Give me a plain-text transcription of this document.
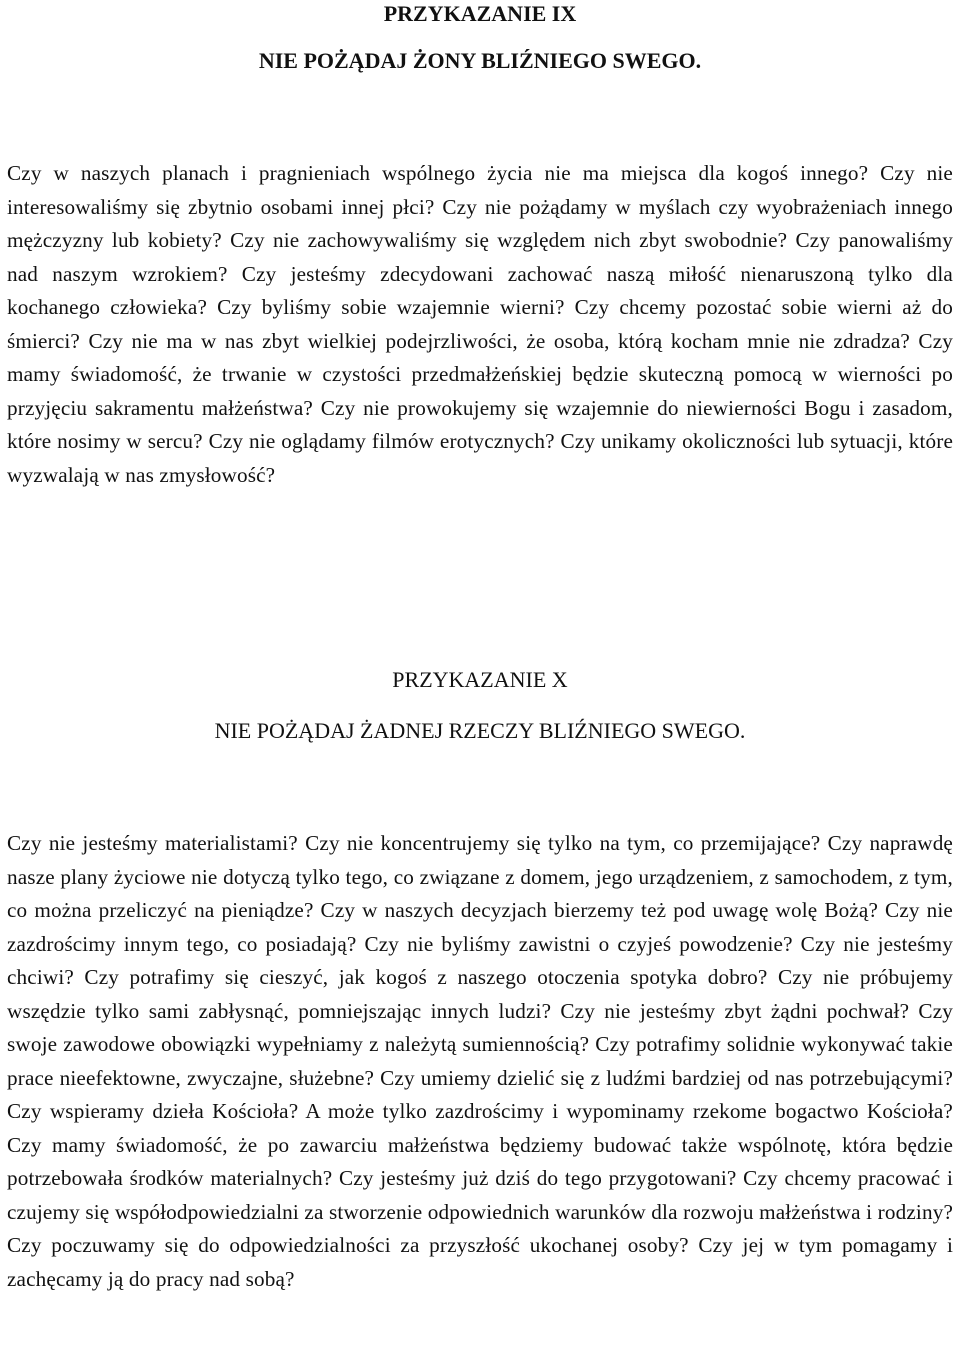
PRZYKAZANIE IX
NIE POŻĄDAJ ŻONY BLIŹNIEGO SWEGO.

Czy w naszych planach i pragnieniach wspólnego życia nie ma miejsca dla kogoś innego? Czy nie interesowaliśmy się zbytnio osobami innej płci? Czy nie pożądamy w myślach czy wyobrażeniach innego mężczyzny lub kobiety? Czy nie zachowywaliśmy się względem nich zbyt swobodnie? Czy panowaliśmy nad naszym wzrokiem? Czy jesteśmy zdecydowani zachować naszą miłość nienaruszoną tylko dla kochanego człowieka? Czy byliśmy sobie wzajemnie wierni? Czy chcemy pozostać sobie wierni aż do śmierci? Czy nie ma w nas zbyt wielkiej podejrzliwości, że osoba, którą kocham mnie nie zdradza? Czy mamy świadomość, że trwanie w czystości przedmałżeńskiej będzie skuteczną pomocą w wierności po przyjęciu sakramentu małżeństwa? Czy nie prowokujemy się wzajemnie do niewierności Bogu i zasadom, które nosimy w sercu? Czy nie oglądamy filmów erotycznych? Czy unikamy okoliczności lub sytuacji, które wyzwalają w nas zmysłowość?

PRZYKAZANIE X
NIE POŻĄDAJ ŻADNEJ RZECZY BLIŹNIEGO SWEGO.

Czy nie jesteśmy materialistami? Czy nie koncentrujemy się tylko na tym, co przemijające? Czy naprawdę nasze plany życiowe nie dotyczą tylko tego, co związane z domem, jego urządzeniem, z samochodem, z tym, co można przeliczyć na pieniądze? Czy w naszych decyzjach bierzemy też pod uwagę wolę Bożą? Czy nie zazdrościmy innym tego, co posiadają? Czy nie byliśmy zawistni o czyjeś powodzenie? Czy nie jesteśmy chciwi? Czy potrafimy się cieszyć, jak kogoś z naszego otoczenia spotyka dobro? Czy nie próbujemy wszędzie tylko sami zabłysnąć, pomniejszając innych ludzi? Czy nie jesteśmy zbyt żądni pochwał? Czy swoje zawodowe obowiązki wypełniamy z należytą sumiennością? Czy potrafimy solidnie wykonywać takie prace nieefektowne, zwyczajne, służebne? Czy umiemy dzielić się z ludźmi bardziej od nas potrzebującymi? Czy wspieramy dzieła Kościoła? A może tylko zazdrościmy i wypominamy rzekome bogactwo Kościoła? Czy mamy świadomość, że po zawarciu małżeństwa będziemy budować także wspólnotę, która będzie potrzebowała środków materialnych? Czy jesteśmy już dziś do tego przygotowani? Czy chcemy pracować i czujemy się współodpowiedzialni za stworzenie odpowiednich warunków dla rozwoju małżeństwa i rodziny? Czy poczuwamy się do odpowiedzialności za przyszłość ukochanej osoby? Czy jej w tym pomagamy i zachęcamy ją do pracy nad sobą?
